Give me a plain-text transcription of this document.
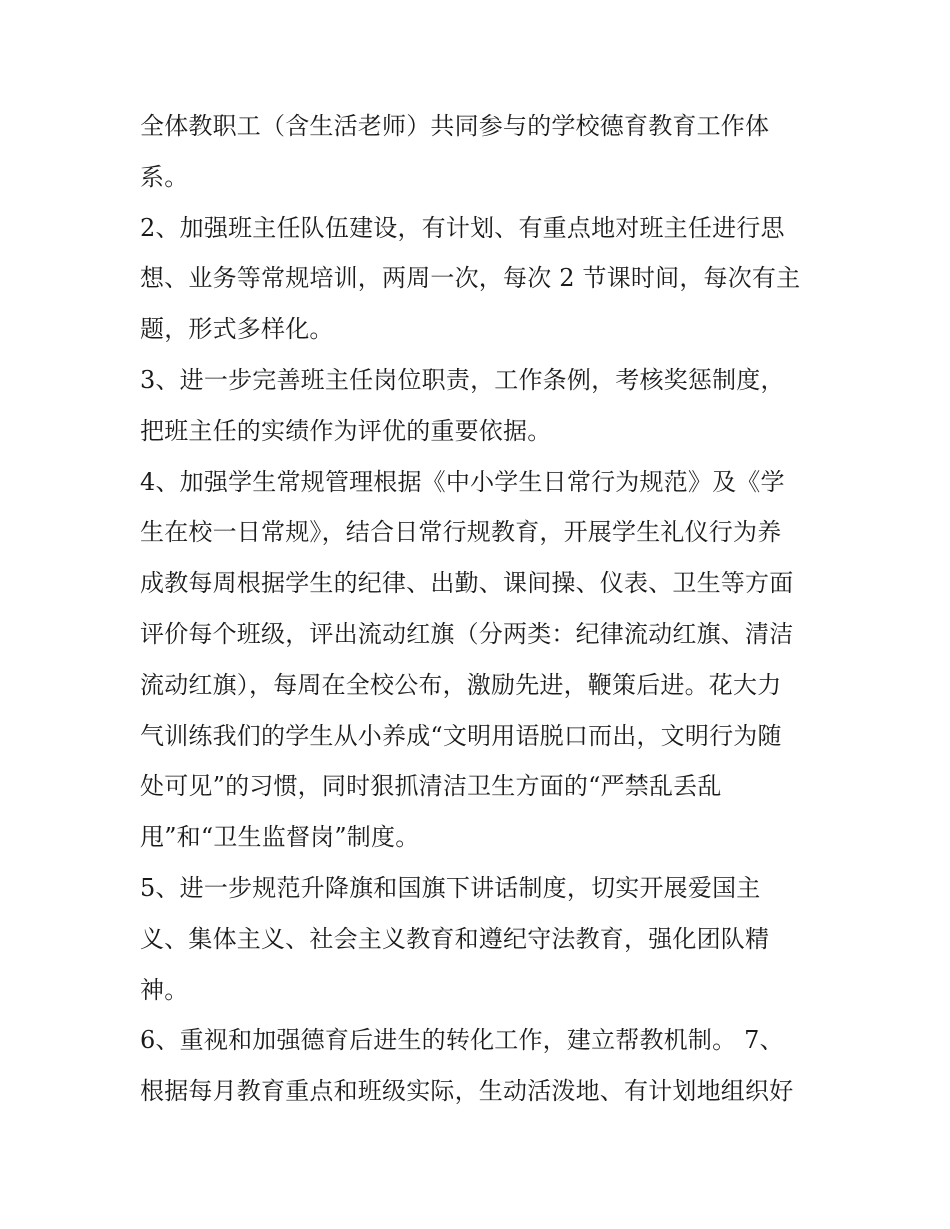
全体教职工（含生活老师）共同参与的学校德育教育工作体
系。
2、加强班主任队伍建设，有计划、有重点地对班主任进行思
想、业务等常规培训，两周一次，每次 2 节课时间，每次有主
题，形式多样化。
3、进一步完善班主任岗位职责，工作条例，考核奖惩制度，
把班主任的实绩作为评优的重要依据。
4、加强学生常规管理根据《中小学生日常行为规范》及《学
生在校一日常规》，结合日常行规教育，开展学生礼仪行为养
成教每周根据学生的纪律、出勤、课间操、仪表、卫生等方面
评价每个班级，评出流动红旗（分两类：纪律流动红旗、清洁
流动红旗），每周在全校公布，激励先进，鞭策后进。花大力
气训练我们的学生从小养成“文明用语脱口而出，文明行为随
处可见”的习惯，同时狠抓清洁卫生方面的“严禁乱丢乱
甩”和“卫生监督岗”制度。
5、进一步规范升降旗和国旗下讲话制度，切实开展爱国主
义、集体主义、社会主义教育和遵纪守法教育，强化团队精
神。
6、重视和加强德育后进生的转化工作，建立帮教机制。 7、
根据每月教育重点和班级实际，生动活泼地、有计划地组织好
